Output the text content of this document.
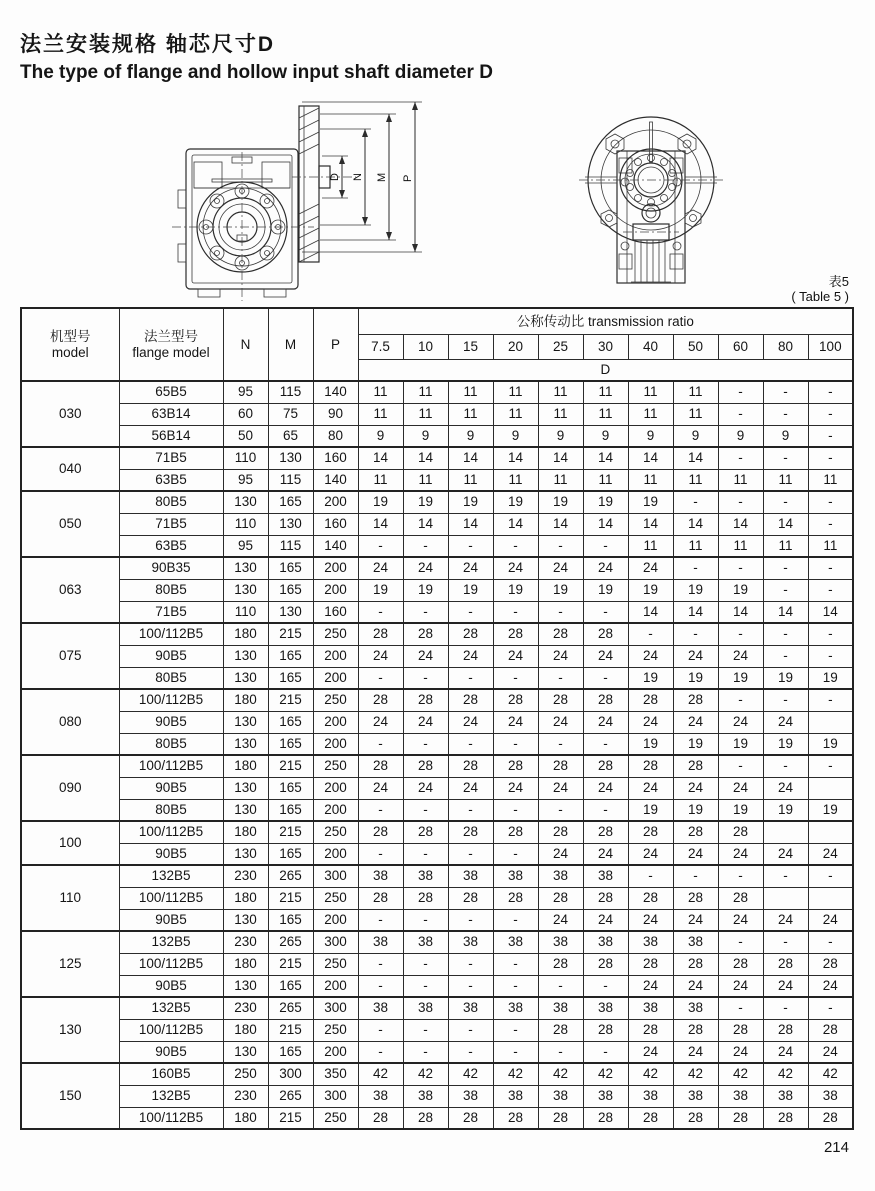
法兰安装规格 轴芯尺寸D
The type of flange and hollow input shaft diameter D
D N M P
表5
( Table 5 )
机型号
model

法兰型号
flange model	N	M	P	公称传动比 transmission ratio
					7.5	10	15	20	25	30	40	50	60	80	100
					D										
030	65B5	95	115	140	11	11	11	11	11	11	11	11	-	-	-
	63B14	60	75	90	11	11	11	11	11	11	11	11	-	-	-
	56B14	50	65	80	9	9	9	9	9	9	9	9	9	9	-
040	71B5	110	130	160	14	14	14	14	14	14	14	14	-	-	-
	63B5	95	115	140	11	11	11	11	11	11	11	11	11	11	11
050	80B5	130	165	200	19	19	19	19	19	19	19	-	-	-	-
	71B5	110	130	160	14	14	14	14	14	14	14	14	14	14	-
	63B5	95	115	140	-	-	-	-	-	-	11	11	11	11	11
063	90B35	130	165	200	24	24	24	24	24	24	24	-	-	-	-
	80B5	130	165	200	19	19	19	19	19	19	19	19	19	-	-
	71B5	110	130	160	-	-	-	-	-	-	14	14	14	14	14
075	100/112B5	180	215	250	28	28	28	28	28	28	-	-	-	-	-
	90B5	130	165	200	24	24	24	24	24	24	24	24	24	-	-
	80B5	130	165	200	-	-	-	-	-	-	19	19	19	19	19
080	100/112B5	180	215	250	28	28	28	28	28	28	28	28	-	-	-
	90B5	130	165	200	24	24	24	24	24	24	24	24	24	24	
	80B5	130	165	200	-	-	-	-	-	-	19	19	19	19	19
090	100/112B5	180	215	250	28	28	28	28	28	28	28	28	-	-	-
	90B5	130	165	200	24	24	24	24	24	24	24	24	24	24	
	80B5	130	165	200	-	-	-	-	-	-	19	19	19	19	19
100	100/112B5	180	215	250	28	28	28	28	28	28	28	28	28		
	90B5	130	165	200	-	-	-	-	24	24	24	24	24	24	24
110	132B5	230	265	300	38	38	38	38	38	38	-	-	-	-	-
	100/112B5	180	215	250	28	28	28	28	28	28	28	28	28		
	90B5	130	165	200	-	-	-	-	24	24	24	24	24	24	24
125	132B5	230	265	300	38	38	38	38	38	38	38	38	-	-	-
	100/112B5	180	215	250	-	-	-	-	28	28	28	28	28	28	28
	90B5	130	165	200	-	-	-	-	-	-	24	24	24	24	24
130	132B5	230	265	300	38	38	38	38	38	38	38	38	-	-	-
	100/112B5	180	215	250	-	-	-	-	28	28	28	28	28	28	28
	90B5	130	165	200	-	-	-	-	-	-	24	24	24	24	24
150	160B5	250	300	350	42	42	42	42	42	42	42	42	42	42	42
	132B5	230	265	300	38	38	38	38	38	38	38	38	38	38	38
	100/112B5	180	215	250	28	28	28	28	28	28	28	28	28	28	28
214
